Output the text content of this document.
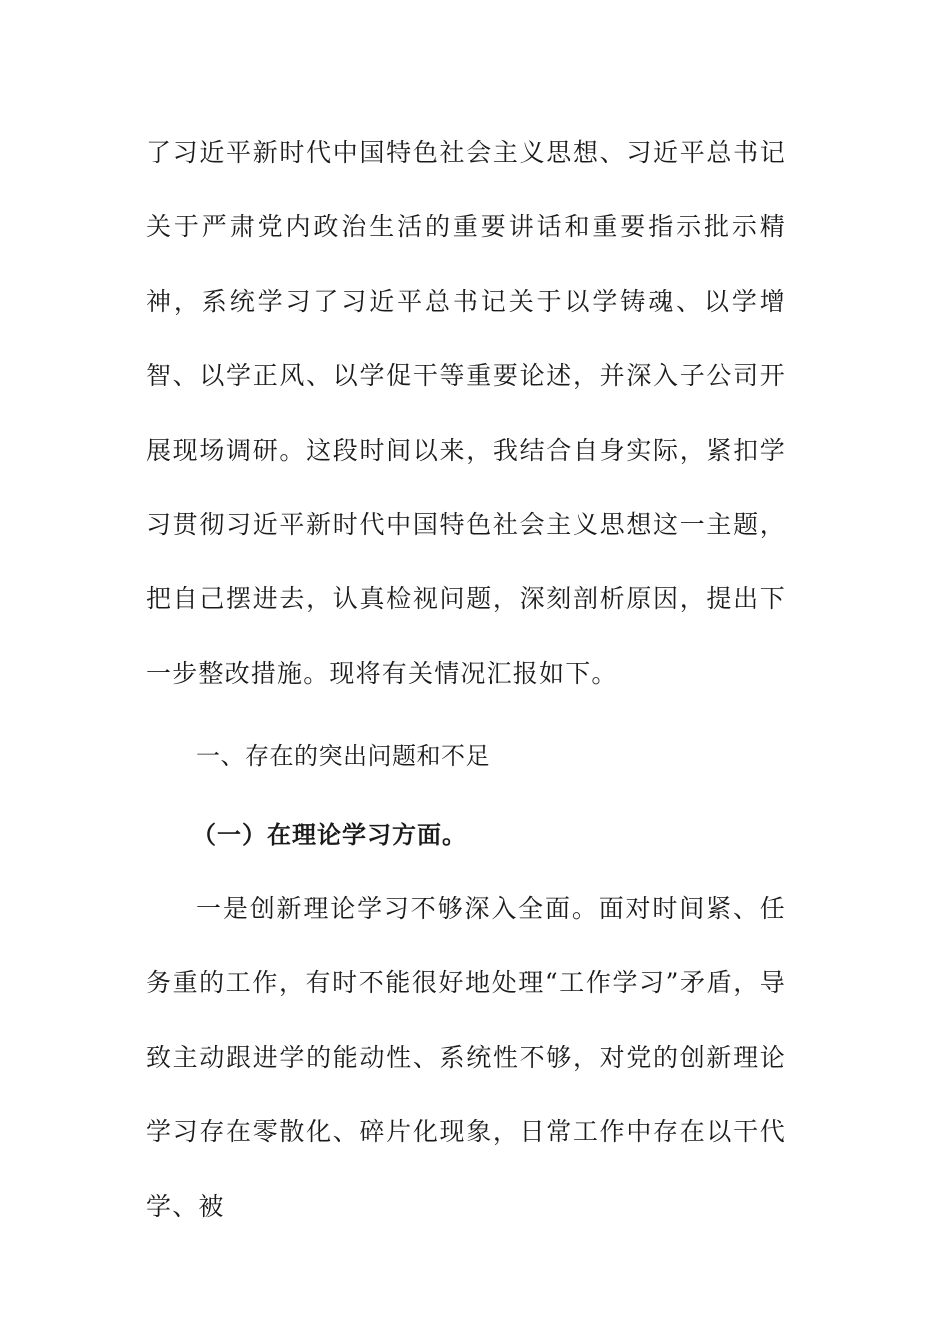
了习近平新时代中国特色社会主义思想、习近平总书记关于严肃党内政治生活的重要讲话和重要指示批示精神，系统学习了习近平总书记关于以学铸魂、以学增智、以学正风、以学促干等重要论述，并深入子公司开展现场调研。这段时间以来，我结合自身实际，紧扣学习贯彻习近平新时代中国特色社会主义思想这一主题，把自己摆进去，认真检视问题，深刻剖析原因，提出下一步整改措施。现将有关情况汇报如下。

一、存在的突出问题和不足

（一）在理论学习方面。

一是创新理论学习不够深入全面。面对时间紧、任务重的工作，有时不能很好地处理“工作学习”矛盾，导致主动跟进学的能动性、系统性不够，对党的创新理论学习存在零散化、碎片化现象，日常工作中存在以干代学、被
